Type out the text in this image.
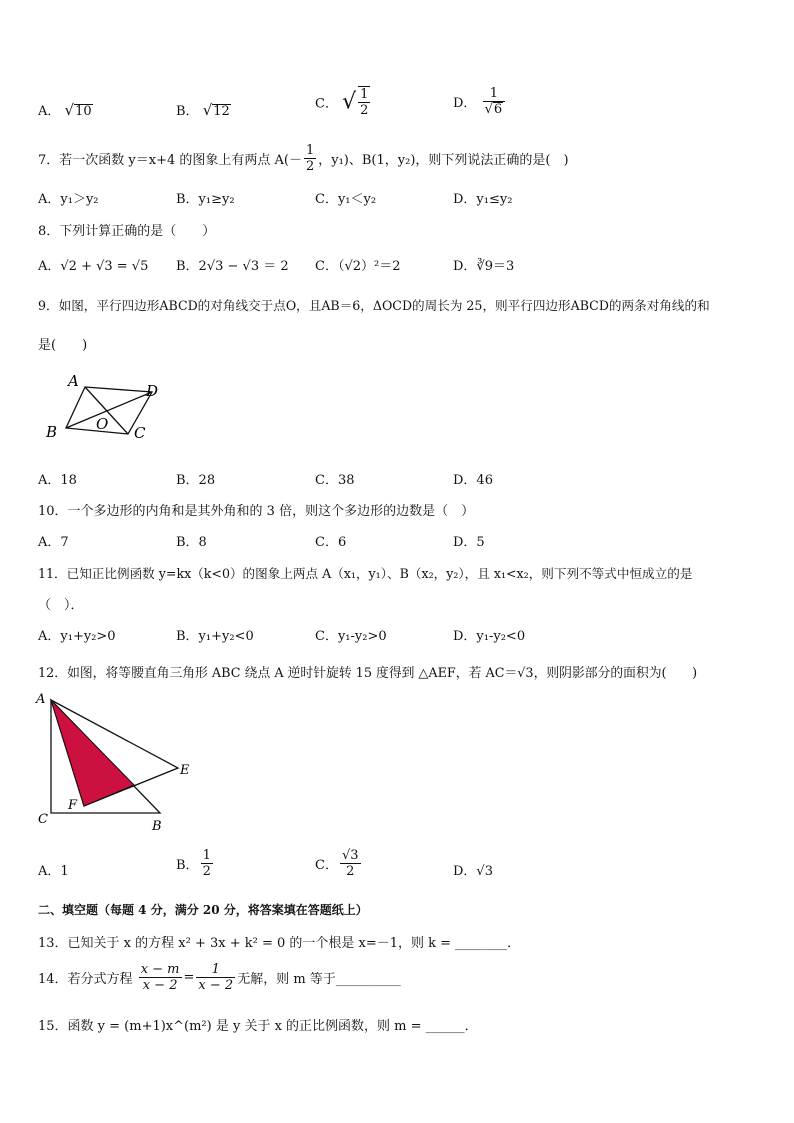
A． √10	B． √12	C． √ $\frac{1}{2}$	D． $\frac{1}{√6}$
7．若一次函数 y＝x+4 的图象上有两点 $A(- \frac{1}{2}$ ，y₁)、B(1，y₂)，则下列说法正确的是(　)
A．y₁＞y₂	B．y₁≥y₂	C．y₁＜y₂	D．y₁≤y₂
8．下列计算正确的是（　　）
A．√2 + √3 = √5 B．2√3 − √3 ＝ 2 C．（√2）²＝2	D．∛9＝3
9．如图，平行四边形ABCD的对角线交于点O，且AB＝6，ΔOCD的周长为 25，则平行四边形ABCD的两条对角线的和
是(　　)
A
D
B	O C
A．18	B．28	C．38	D．46
10．一个多边形的内角和是其外角和的 3 倍，则这个多边形的边数是（　）
A．7	B．8	C．6	D．5
11．已知正比例函数 y=kx（k<0）的图象上两点 A（x₁，y₁）、B（x₂，y₂），且 x₁<x₂，则下列不等式中恒成立的是
（　）．
A．y₁+y₂>0	B．y₁+y₂<0	C．y₁-y₂>0	D．y₁-y₂<0
12．如图，将等腰直角三角形 ABC 绕点 A 逆时针旋转 15 度得到 △AEF，若 AC＝√3，则阴影部分的面积为(　　)
A
E
F
C	B
A．1	B． $\frac{1}{2}$	C． $\frac{√3}{2}$	D．√3
二、填空题（每题 4 分，满分 20 分，将答案填在答题纸上）
13．已知关于 x 的方程 x² + 3x + k² = 0 的一个根是 x=－1，则 k = ________．
14．若分式方程 $\frac{x - m}{x - 2} = \frac{1}{x - 2}$ 无解，则 m 等于__________
15．函数 y = (m+1)x^(m²) 是 y 关于 x 的正比例函数，则 m = ______．
